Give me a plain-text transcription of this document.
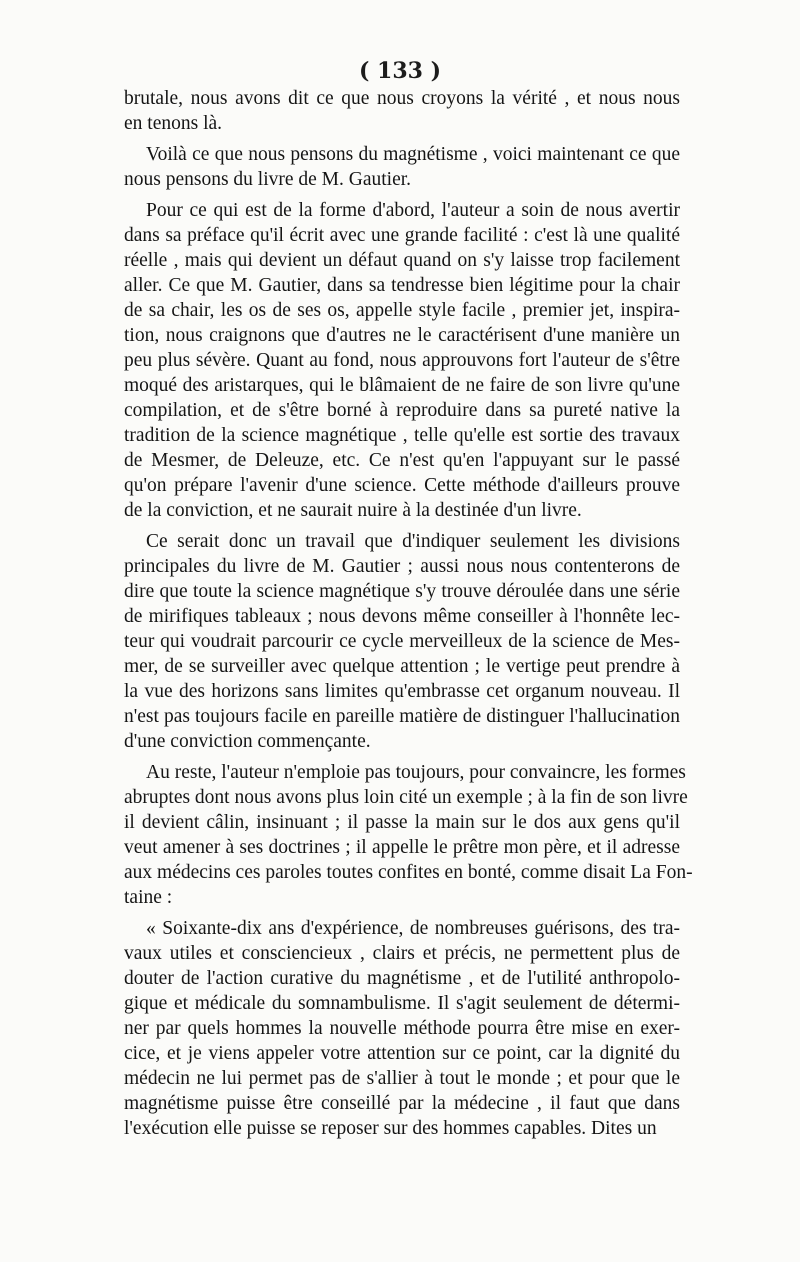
( 133 )
brutale, nous avons dit ce que nous croyons la vérité , et nous nous
en tenons là.
Voilà ce que nous pensons du magnétisme , voici maintenant ce que
nous pensons du livre de M. Gautier.
Pour ce qui est de la forme d'abord, l'auteur a soin de nous avertir
dans sa préface qu'il écrit avec une grande facilité : c'est là une qualité
réelle , mais qui devient un défaut quand on s'y laisse trop facilement
aller. Ce que M. Gautier, dans sa tendresse bien légitime pour la chair
de sa chair, les os de ses os, appelle style facile , premier jet, inspira-
tion, nous craignons que d'autres ne le caractérisent d'une manière un
peu plus sévère. Quant au fond, nous approuvons fort l'auteur de s'être
moqué des aristarques, qui le blâmaient de ne faire de son livre qu'une
compilation, et de s'être borné à reproduire dans sa pureté native la
tradition de la science magnétique , telle qu'elle est sortie des travaux
de Mesmer, de Deleuze, etc. Ce n'est qu'en l'appuyant sur le passé
qu'on prépare l'avenir d'une science. Cette méthode d'ailleurs prouve
de la conviction, et ne saurait nuire à la destinée d'un livre.
Ce serait donc un travail que d'indiquer seulement les divisions
principales du livre de M. Gautier ; aussi nous nous contenterons de
dire que toute la science magnétique s'y trouve déroulée dans une série
de mirifiques tableaux ; nous devons même conseiller à l'honnête lec-
teur qui voudrait parcourir ce cycle merveilleux de la science de Mes-
mer, de se surveiller avec quelque attention ; le vertige peut prendre à
la vue des horizons sans limites qu'embrasse cet organum nouveau. Il
n'est pas toujours facile en pareille matière de distinguer l'hallucination
d'une conviction commençante.
Au reste, l'auteur n'emploie pas toujours, pour convaincre, les formes
abruptes dont nous avons plus loin cité un exemple ; à la fin de son livre
il devient câlin, insinuant ; il passe la main sur le dos aux gens qu'il
veut amener à ses doctrines ; il appelle le prêtre mon père, et il adresse
aux médecins ces paroles toutes confites en bonté, comme disait La Fon-
taine :
« Soixante-dix ans d'expérience, de nombreuses guérisons, des tra-
vaux utiles et consciencieux , clairs et précis, ne permettent plus de
douter de l'action curative du magnétisme , et de l'utilité anthropolo-
gique et médicale du somnambulisme. Il s'agit seulement de détermi-
ner par quels hommes la nouvelle méthode pourra être mise en exer-
cice, et je viens appeler votre attention sur ce point, car la dignité du
médecin ne lui permet pas de s'allier à tout le monde ; et pour que le
magnétisme puisse être conseillé par la médecine , il faut que dans
l'exécution elle puisse se reposer sur des hommes capables. Dites un
